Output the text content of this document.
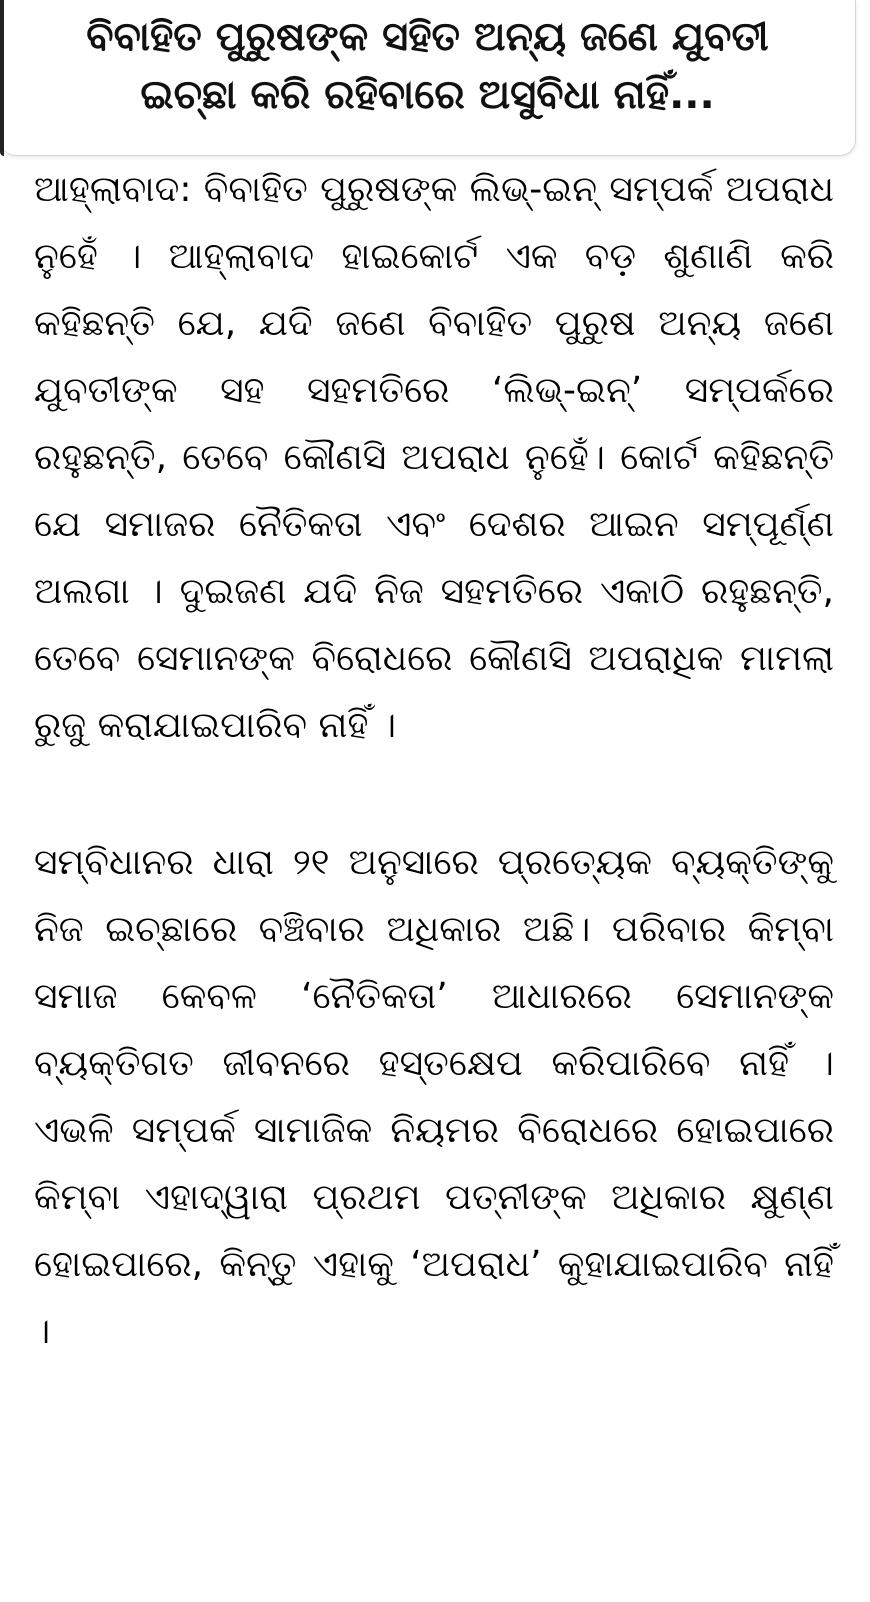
ବିବାହିତ ପୁରୁଷଙ୍କ ସହିତ ଅନ୍ୟ ଜଣେ ଯୁବତୀ
ଇଚ୍ଛା କରି ରହିବାରେ ଅସୁବିଧା ନାହିଁ...

ଆହ୍ଲାବାଦ: ବିବାହିତ ପୁରୁଷଙ୍କ ଲିଭ୍-ଇନ୍ ସମ୍ପର୍କ ଅପରାଧ ନୁହେଁ । ଆହ୍ଲାବାଦ ହାଇକୋର୍ଟ ଏକ ବଡ଼ ଶୁଣାଣି କରି କହିଛନ୍ତି ଯେ, ଯଦି ଜଣେ ବିବାହିତ ପୁରୁଷ ଅନ୍ୟ ଜଣେ ଯୁବତୀଙ୍କ ସହ ସହମତିରେ ‘ଲିଭ୍-ଇନ୍’ ସମ୍ପର୍କରେ ରହୁଛନ୍ତି, ତେବେ କୌଣସି ଅପରାଧ ନୁହେଁ। କୋର୍ଟ କହିଛନ୍ତି ଯେ ସମାଜର ନୈତିକତା ଏବଂ ଦେଶର ଆଇନ ସମ୍ପୂର୍ଣ୍ଣ ଅଲଗା । ଦୁଇଜଣ ଯଦି ନିଜ ସହମତିରେ ଏକାଠି ରହୁଛନ୍ତି, ତେବେ ସେମାନଙ୍କ ବିରୋଧରେ କୌଣସି ଅପରାଧିକ ମାମଲା ରୁଜୁ କରାଯାଇପାରିବ ନାହିଁ ।

ସମ୍ବିଧାନର ଧାରା ୨୧ ଅନୁସାରେ ପ୍ରତ୍ୟେକ ବ୍ୟକ୍ତିଙ୍କୁ ନିଜ ଇଚ୍ଛାରେ ବଞ୍ଚିବାର ଅଧିକାର ଅଛି। ପରିବାର କିମ୍ବା ସମାଜ କେବଳ ‘ନୈତିକତା’ ଆଧାରରେ ସେମାନଙ୍କ ବ୍ୟକ୍ତିଗତ ଜୀବନରେ ହସ୍ତକ୍ଷେପ କରିପାରିବେ ନାହିଁ । ଏଭଳି ସମ୍ପର୍କ ସାମାଜିକ ନିୟମର ବିରୋଧରେ ହୋଇପାରେ କିମ୍ବା ଏହାଦ୍ୱାରା ପ୍ରଥମ ପତ୍ନୀଙ୍କ ଅଧିକାର କ୍ଷୁଣ୍ଣ ହୋଇପାରେ, କିନ୍ତୁ ଏହାକୁ ‘ଅପରାଧ’ କୁହାଯାଇପାରିବ ନାହିଁ ।
